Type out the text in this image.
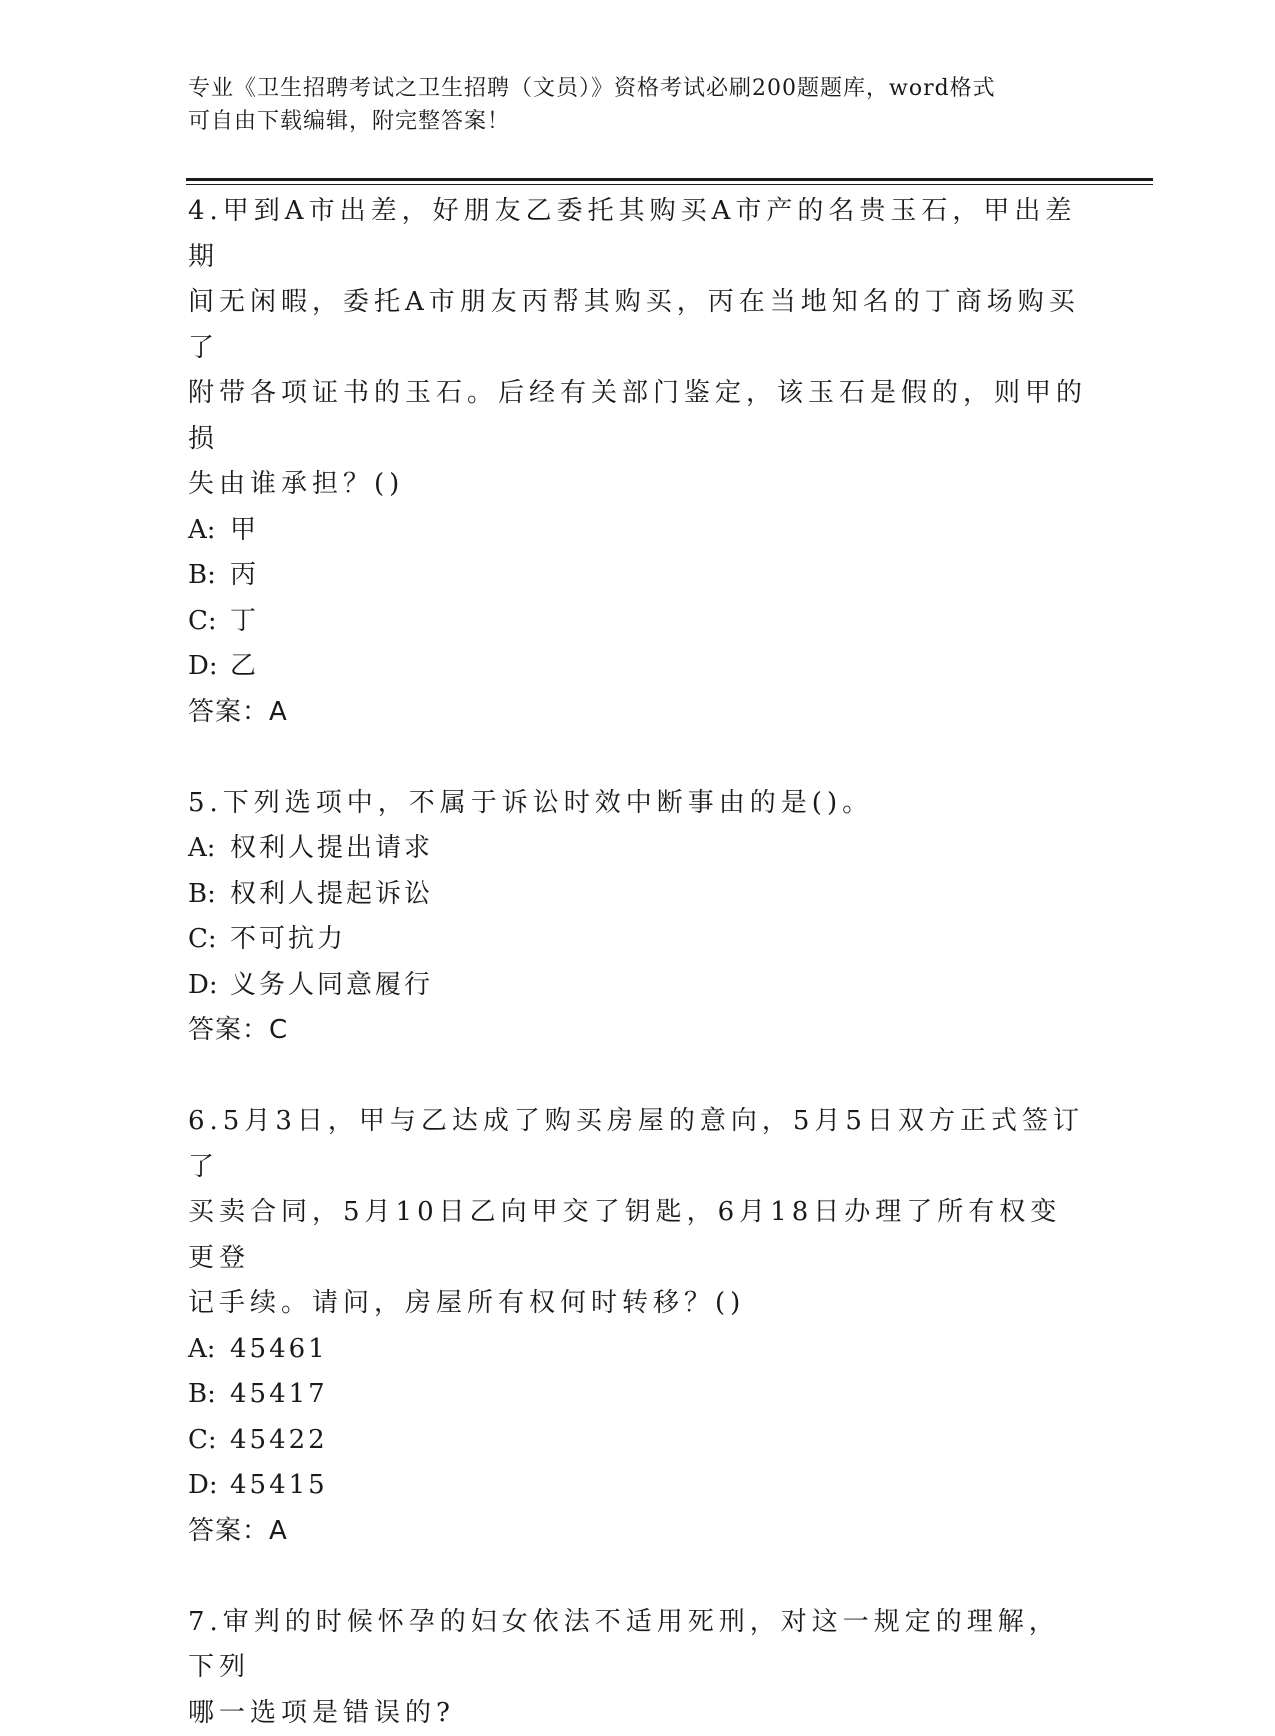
专业《卫生招聘考试之卫生招聘（文员）》资格考试必刷200题题库，word格式
可自由下载编辑，附完整答案！

4.甲到A市出差，好朋友乙委托其购买A市产的名贵玉石，甲出差期

间无闲暇，委托A市朋友丙帮其购买，丙在当地知名的丁商场购买了

附带各项证书的玉石。后经有关部门鉴定，该玉石是假的，则甲的损

失由谁承担？()

A: 甲

B: 丙

C: 丁

D: 乙

答案：A

5.下列选项中，不属于诉讼时效中断事由的是()。

A: 权利人提出请求

B: 权利人提起诉讼

C: 不可抗力

D: 义务人同意履行

答案：C

6.5月3日，甲与乙达成了购买房屋的意向，5月5日双方正式签订了

买卖合同，5月10日乙向甲交了钥匙，6月18日办理了所有权变更登

记手续。请问，房屋所有权何时转移？()

A: 45461

B: 45417

C: 45422

D: 45415

答案：A

7.审判的时候怀孕的妇女依法不适用死刑，对这一规定的理解，下列

哪一选项是错误的?
